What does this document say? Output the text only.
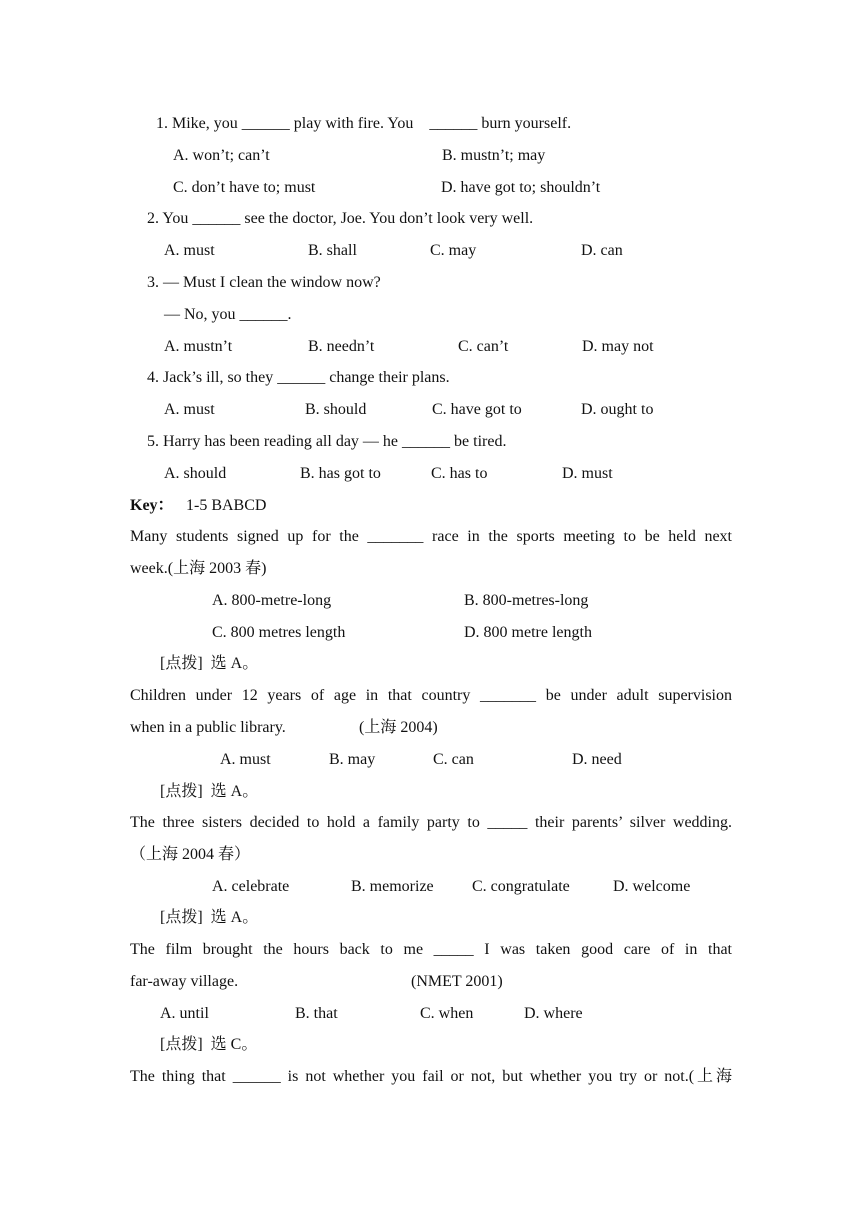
1. Mike, you ______ play with fire. You    ______ burn yourself.
A. won’t; can’t	B. mustn’t; may
C. don’t have to; must	D. have got to; shouldn’t
2. You ______ see the doctor, Joe. You don’t look very well.
A. must	B. shall	C. may	D. can
3. — Must I clean the window now?
— No, you ______.
A. mustn’t	B. needn’t	C. can’t	D. may not
4. Jack’s ill, so they ______ change their plans.
A. must	B. should	C. have got to	D. ought to
5. Harry has been reading all day — he ______ be tired.
A. should	B. has got to	C. has to	D. must
Key： 1-5 BABCD
Many students signed up for the _______ race in the sports meeting to be held next
week.(上海 2003 春)
A. 800-metre-long	B. 800-metres-long
C. 800 metres length	D. 800 metre length
[点拨]  选 A。
Children under 12 years of age in that country _______ be under adult supervision
when in a public library.	(上海 2004)
A. must	B. may	C. can	D. need
[点拨]  选 A。
The three sisters decided to hold a family party to _____ their parents’ silver wedding.
（上海 2004 春）
A. celebrate	B. memorize C. congratulate	D. welcome
[点拨]  选 A。
The film brought the hours back to me _____ I was taken good care of in that
far-away village.	(NMET 2001)
A. until	B. that	C. when	D. where
[点拨]  选 C。
The thing that ______ is not whether you fail or not, but whether you try or not.(上海
